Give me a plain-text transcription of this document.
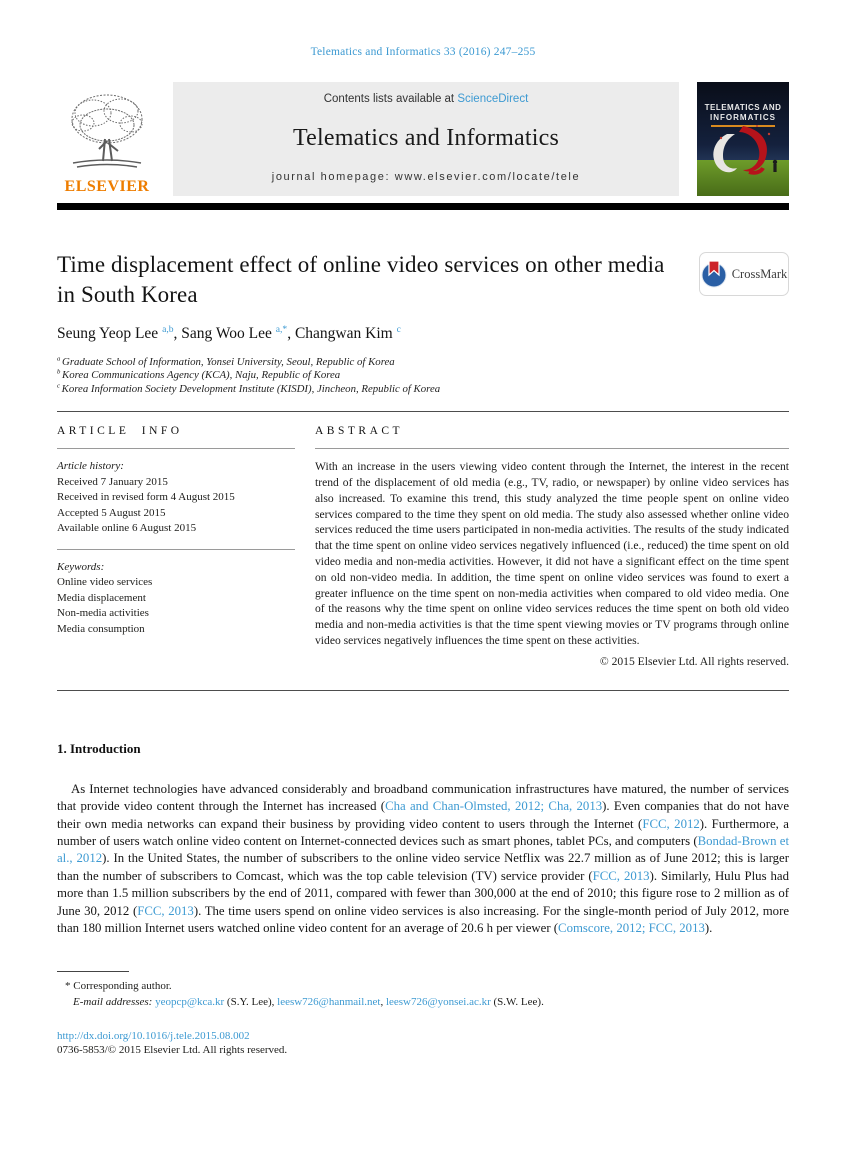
Telematics and Informatics 33 (2016) 247–255
ELSEVIER
Contents lists available at ScienceDirect
Telematics and Informatics
journal homepage: www.elsevier.com/locate/tele
TELEMATICS AND
INFORMATICS
Time displacement effect of online video services on other media in South Korea
CrossMark
Seung Yeop Lee $^{a,b}$, Sang Woo Lee $^{a,*}$, Changwan Kim $^c$
$^a$ Graduate School of Information, Yonsei University, Seoul, Republic of Korea
$^b$ Korea Communications Agency (KCA), Naju, Republic of Korea
$^c$ Korea Information Society Development Institute (KISDI), Jincheon, Republic of Korea
ARTICLE INFO
Article history:
Received 7 January 2015
Received in revised form 4 August 2015
Accepted 5 August 2015
Available online 6 August 2015
Keywords:
Online video services
Media displacement
Non-media activities
Media consumption
ABSTRACT
With an increase in the users viewing video content through the Internet, the interest in the recent trend of the displacement of old media (e.g., TV, radio, or newspaper) by online video services has also increased. To examine this trend, this study analyzed the time people spent on online video services compared to the time they spent on old media. The study also assessed whether online video services reduced the time users participated in non-media activities. The results of the study indicated that the time spent on online video services negatively influenced (i.e., reduced) the time spent on old video media and non-media activities. However, it did not have a significant effect on the time spent on old non-video media. In addition, the time spent on online video services was found to exert a greater influence on the time spent on non-media activities when compared to old video media. One of the reasons why the time spent on online video services reduces the time spent on both old video media and non-media activities is that the time spent viewing movies or TV programs through online video services negatively influences the time spent on these activities.
© 2015 Elsevier Ltd. All rights reserved.
1. Introduction

As Internet technologies have advanced considerably and broadband communication infrastructures have matured, the number of services that provide video content through the Internet has increased (Cha and Chan-Olmsted, 2012; Cha, 2013). Even companies that do not have their own media networks can expand their business by providing video content to users through the Internet (FCC, 2012). Furthermore, a number of users watch online video content on Internet-connected devices such as smart phones, tablet PCs, and computers (Bondad-Brown et al., 2012). In the United States, the number of subscribers to the online video service Netflix was 22.7 million as of June 2012; this is larger than the number of subscribers to Comcast, which was the top cable television (TV) service provider (FCC, 2013). Similarly, Hulu Plus had more than 1.5 million subscribers by the end of 2011, compared with fewer than 300,000 at the end of 2010; this figure rose to 2 million as of June 30, 2012 (FCC, 2013). The time users spend on online video services is also increasing. For the single-month period of July 2012, more than 180 million Internet users watched online video content for an average of 20.6 h per viewer (Comscore, 2012; FCC, 2013).

* Corresponding author.
E-mail addresses: yeopcp@kca.kr (S.Y. Lee), leesw726@hanmail.net, leesw726@yonsei.ac.kr (S.W. Lee).
http://dx.doi.org/10.1016/j.tele.2015.08.002
0736-5853/© 2015 Elsevier Ltd. All rights reserved.
